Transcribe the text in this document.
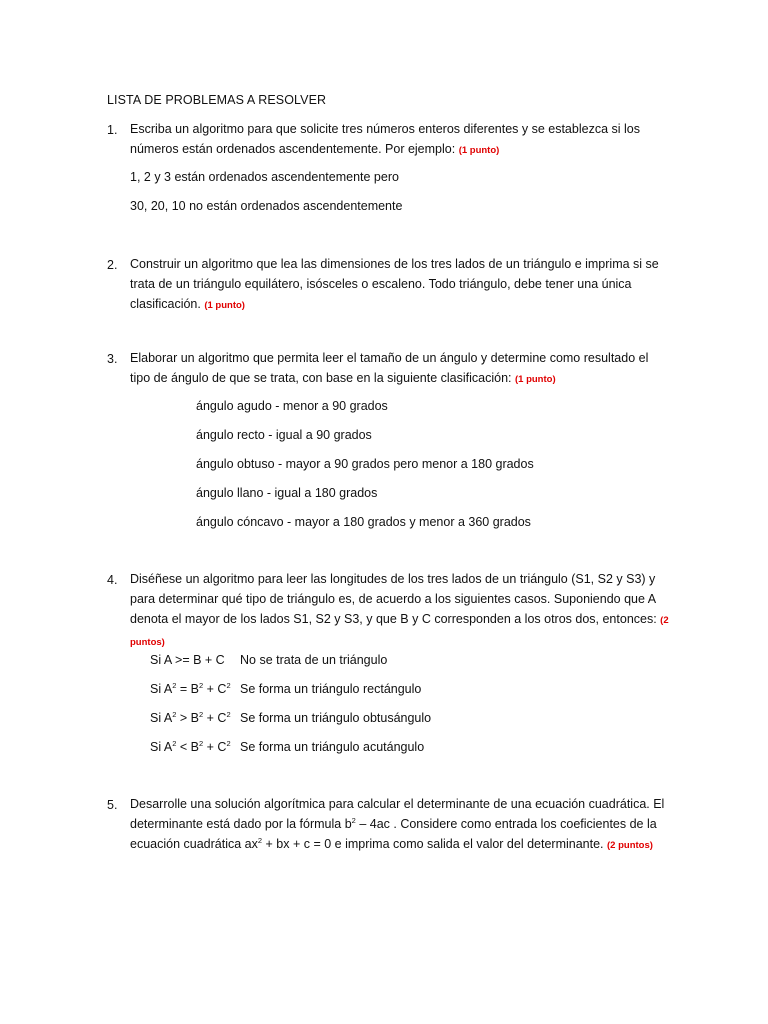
LISTA DE PROBLEMAS A RESOLVER
1. Escriba un algoritmo para que solicite tres números enteros diferentes y se establezca si los números están ordenados ascendentemente. Por ejemplo: (1 punto)
1, 2 y 3 están ordenados ascendentemente pero
30, 20, 10 no están ordenados ascendentemente
2. Construir un algoritmo que lea las dimensiones de los tres lados de un triángulo e imprima si se trata de un triángulo equilátero, isósceles o escaleno. Todo triángulo, debe tener una única clasificación. (1 punto)
3. Elaborar un algoritmo que permita leer el tamaño de un ángulo y determine como resultado el tipo de ángulo de que se trata, con base en la siguiente clasificación: (1 punto)
ángulo agudo - menor a 90 grados
ángulo recto - igual a 90 grados
ángulo obtuso - mayor a 90 grados pero menor a 180 grados
ángulo llano - igual a 180 grados
ángulo cóncavo - mayor a 180 grados y menor a 360 grados
4. Diséñese un algoritmo para leer las longitudes de los tres lados de un triángulo (S1, S2 y S3) y para determinar qué tipo de triángulo es, de acuerdo a los siguientes casos. Suponiendo que A denota el mayor de los lados S1, S2 y S3, y que B y C corresponden a los otros dos, entonces: (2 puntos)
Si A >= B + C No se trata de un triángulo
Si $A^2 = B^2 + C^2$ Se forma un triángulo rectángulo
Si $A^2 > B^2 + C^2$ Se forma un triángulo obtusángulo
Si $A^2 < B^2 + C^2$ Se forma un triángulo acutángulo
5. Desarrolle una solución algorítmica para calcular el determinante de una ecuación cuadrática. El determinante está dado por la fórmula $b^2 - 4ac$ . Considere como entrada los coeficientes de la ecuación cuadrática $ax^2$ + bx + c = 0 e imprima como salida el valor del determinante. (2 puntos)
